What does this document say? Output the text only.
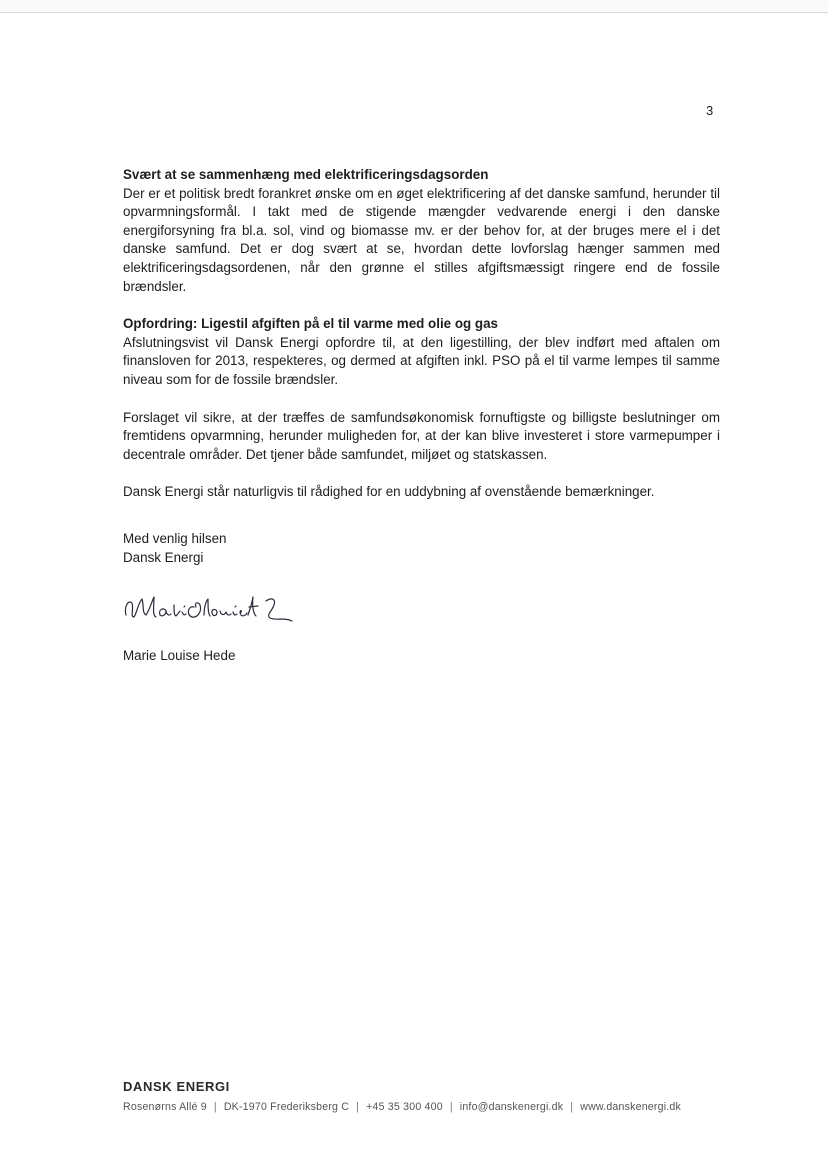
3

Svært at se sammenhæng med elektrificeringsdagsorden

Der er et politisk bredt forankret ønske om en øget elektrificering af det danske samfund, herunder til opvarmningsformål. I takt med de stigende mængder vedvarende energi i den danske energiforsyning fra bl.a. sol, vind og biomasse mv. er der behov for, at der bruges mere el i det danske samfund. Det er dog svært at se, hvordan dette lovforslag hænger sammen med elektrificeringsdagsordenen, når den grønne el stilles afgiftsmæssigt ringere end de fossile brændsler.

Opfordring: Ligestil afgiften på el til varme med olie og gas

Afslutningsvist vil Dansk Energi opfordre til, at den ligestilling, der blev indført med aftalen om finansloven for 2013, respekteres, og dermed at afgiften inkl. PSO på el til varme lempes til samme niveau som for de fossile brændsler.

Forslaget vil sikre, at der træffes de samfundsøkonomisk fornuftigste og billigste beslutninger om fremtidens opvarmning, herunder muligheden for, at der kan blive investeret i store varmepumper i decentrale områder. Det tjener både samfundet, miljøet og statskassen.

Dansk Energi står naturligvis til rådighed for en uddybning af ovenstående bemærkninger.

Med venlig hilsen

Dansk Energi

Marie Louise Hede
DANSK ENERGI
Rosenørns Allé 9 | DK-1970 Frederiksberg C | +45 35 300 400 | info@danskenergi.dk | www.danskenergi.dk
